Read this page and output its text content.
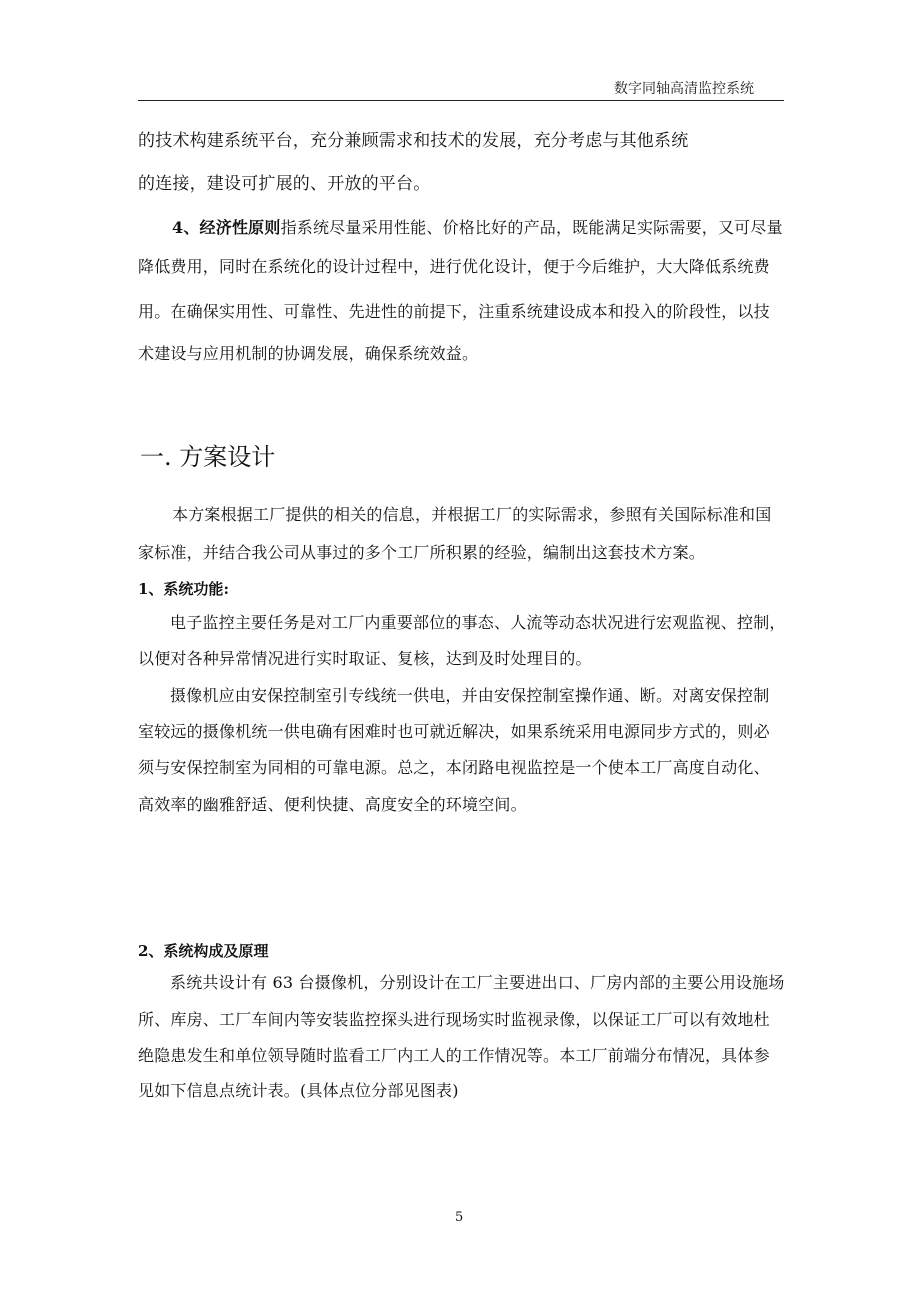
数字同轴高清监控系统
的技术构建系统平台，充分兼顾需求和技术的发展，充分考虑与其他系统
的连接，建设可扩展的、开放的平台。
4、经济性原则指系统尽量采用性能、价格比好的产品，既能满足实际需要，又可尽量
降低费用，同时在系统化的设计过程中，进行优化设计，便于今后维护，大大降低系统费
用。在确保实用性、可靠性、先进性的前提下，注重系统建设成本和投入的阶段性，以技
术建设与应用机制的协调发展，确保系统效益。
一. 方案设计
本方案根据工厂提供的相关的信息，并根据工厂的实际需求，参照有关国际标准和国
家标准，并结合我公司从事过的多个工厂所积累的经验，编制出这套技术方案。
1、系统功能:
电子监控主要任务是对工厂内重要部位的事态、人流等动态状况进行宏观监视、控制，
以便对各种异常情况进行实时取证、复核，达到及时处理目的。
摄像机应由安保控制室引专线统一供电，并由安保控制室操作通、断。对离安保控制
室较远的摄像机统一供电确有困难时也可就近解决，如果系统采用电源同步方式的，则必
须与安保控制室为同相的可靠电源。总之，本闭路电视监控是一个使本工厂高度自动化、
高效率的幽雅舒适、便利快捷、高度安全的环境空间。
2、系统构成及原理
系统共设计有 63 台摄像机，分别设计在工厂主要进出口、厂房内部的主要公用设施场
所、库房、工厂车间内等安装监控探头进行现场实时监视录像，以保证工厂可以有效地杜
绝隐患发生和单位领导随时监看工厂内工人的工作情况等。本工厂前端分布情况，具体参
见如下信息点统计表。(具体点位分部见图表)
5
